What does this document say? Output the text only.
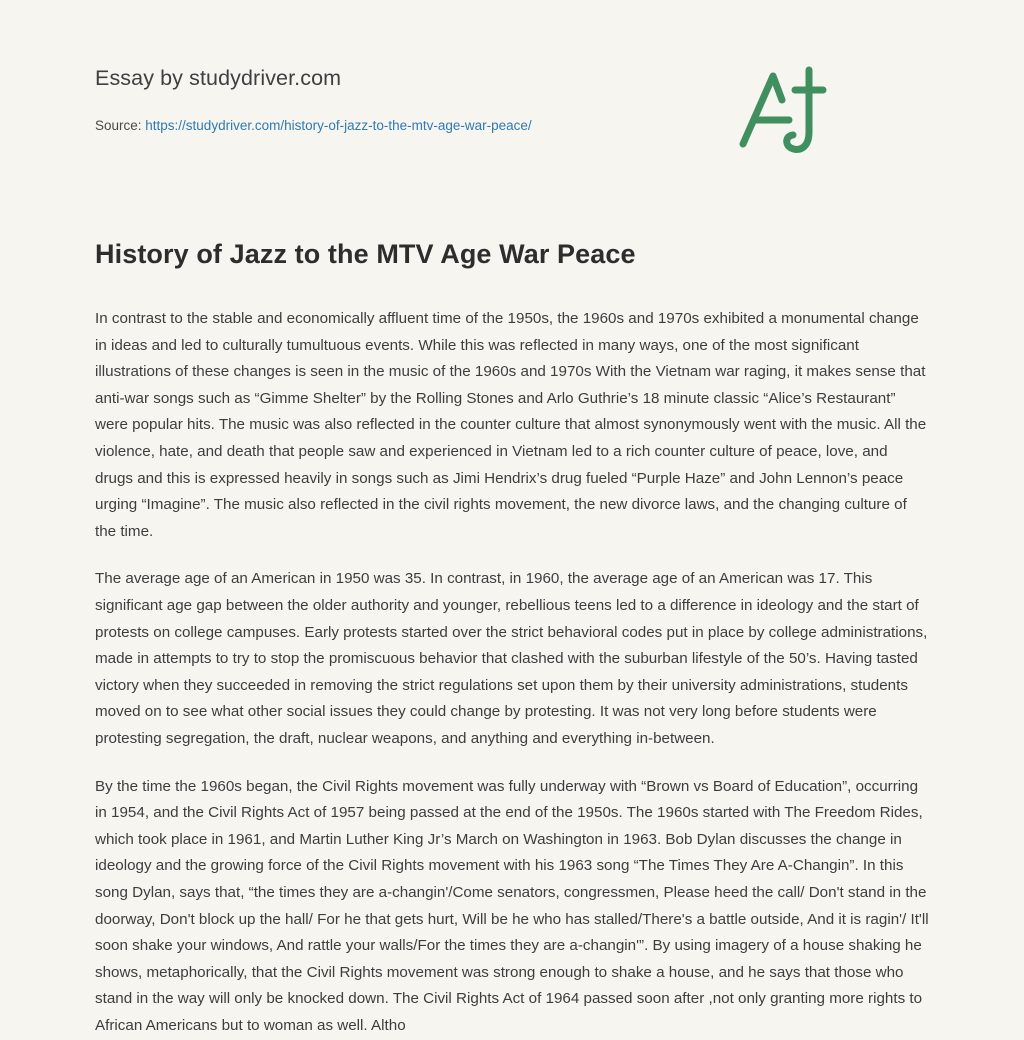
Essay by studydriver.com
Source: https://studydriver.com/history-of-jazz-to-the-mtv-age-war-peace/
History of Jazz to the MTV Age War Peace

In contrast to the stable and economically affluent time of the 1950s, the 1960s and 1970s exhibited a monumental change in ideas and led to culturally tumultuous events. While this was reflected in many ways, one of the most significant illustrations of these changes is seen in the music of the 1960s and 1970s With the Vietnam war raging, it makes sense that anti-war songs such as “Gimme Shelter” by the Rolling Stones and Arlo Guthrie’s 18 minute classic “Alice’s Restaurant” were popular hits. The music was also reflected in the counter culture that almost synonymously went with the music. All the violence, hate, and death that people saw and experienced in Vietnam led to a rich counter culture of peace, love, and drugs and this is expressed heavily in songs such as Jimi Hendrix’s drug fueled “Purple Haze” and John Lennon’s peace urging “Imagine”. The music also reflected in the civil rights movement, the new divorce laws, and the changing culture of the time.

The average age of an American in 1950 was 35. In contrast, in 1960, the average age of an American was 17. This significant age gap between the older authority and younger, rebellious teens led to a difference in ideology and the start of protests on college campuses. Early protests started over the strict behavioral codes put in place by college administrations, made in attempts to try to stop the promiscuous behavior that clashed with the suburban lifestyle of the 50’s. Having tasted victory when they succeeded in removing the strict regulations set upon them by their university administrations, students moved on to see what other social issues they could change by protesting. It was not very long before students were protesting segregation, the draft, nuclear weapons, and anything and everything in-between.

By the time the 1960s began, the Civil Rights movement was fully underway with “Brown vs Board of Education”, occurring in 1954, and the Civil Rights Act of 1957 being passed at the end of the 1950s. The 1960s started with The Freedom Rides, which took place in 1961, and Martin Luther King Jr’s March on Washington in 1963. Bob Dylan discusses the change in ideology and the growing force of the Civil Rights movement with his 1963 song “The Times They Are A-Changin”. In this song Dylan, says that, “the times they are a-changin'/Come senators, congressmen, Please heed the call/ Don't stand in the doorway, Don't block up the hall/ For he that gets hurt, Will be he who has stalled/There's a battle outside, And it is ragin'/ It'll soon shake your windows, And rattle your walls/For the times they are a-changin'”. By using imagery of a house shaking he shows, metaphorically, that the Civil Rights movement was strong enough to shake a house, and he says that those who stand in the way will only be knocked down. The Civil Rights Act of 1964 passed soon after ,not only granting more rights to African Americans but to woman as well. Altho
